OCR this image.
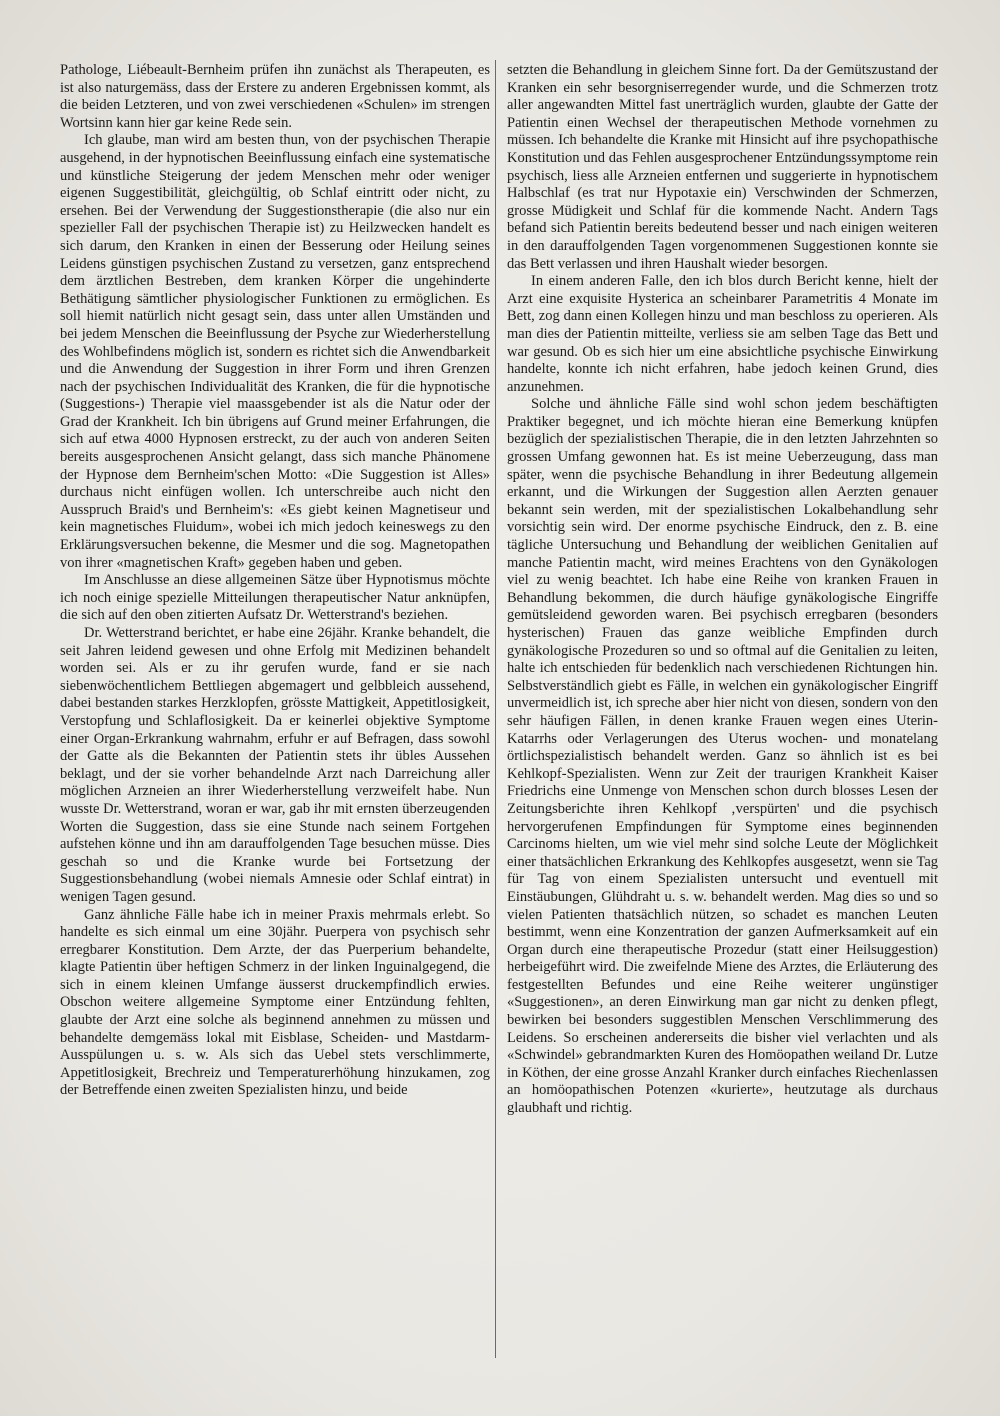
Pathologe, Liébeault-Bernheim prüfen ihn zunächst als Therapeuten, es ist also naturgemäss, dass der Erstere zu anderen Ergebnissen kommt, als die beiden Letzteren, und von zwei verschiedenen «Schulen» im strengen Wortsinn kann hier gar keine Rede sein.

Ich glaube, man wird am besten thun, von der psychischen Therapie ausgehend, in der hypnotischen Beeinflussung einfach eine systematische und künstliche Steigerung der jedem Menschen mehr oder weniger eigenen Suggestibilität, gleichgültig, ob Schlaf eintritt oder nicht, zu ersehen. Bei der Verwendung der Suggestionstherapie (die also nur ein spezieller Fall der psychischen Therapie ist) zu Heilzwecken handelt es sich darum, den Kranken in einen der Besserung oder Heilung seines Leidens günstigen psychischen Zustand zu versetzen, ganz entsprechend dem ärztlichen Bestreben, dem kranken Körper die ungehinderte Bethätigung sämtlicher physiologischer Funktionen zu ermöglichen. Es soll hiemit natürlich nicht gesagt sein, dass unter allen Umständen und bei jedem Menschen die Beeinflussung der Psyche zur Wiederherstellung des Wohlbefindens möglich ist, sondern es richtet sich die Anwendbarkeit und die Anwendung der Suggestion in ihrer Form und ihren Grenzen nach der psychischen Individualität des Kranken, die für die hypnotische (Suggestions-) Therapie viel maassgebender ist als die Natur oder der Grad der Krankheit. Ich bin übrigens auf Grund meiner Erfahrungen, die sich auf etwa 4000 Hypnosen erstreckt, zu der auch von anderen Seiten bereits ausgesprochenen Ansicht gelangt, dass sich manche Phänomene der Hypnose dem Bernheim'schen Motto: «Die Suggestion ist Alles» durchaus nicht einfügen wollen. Ich unterschreibe auch nicht den Ausspruch Braid's und Bernheim's: «Es giebt keinen Magnetiseur und kein magnetisches Fluidum», wobei ich mich jedoch keineswegs zu den Erklärungsversuchen bekenne, die Mesmer und die sog. Magnetopathen von ihrer «magnetischen Kraft» gegeben haben und geben.

Im Anschlusse an diese allgemeinen Sätze über Hypnotismus möchte ich noch einige spezielle Mitteilungen therapeutischer Natur anknüpfen, die sich auf den oben zitierten Aufsatz Dr. Wetterstrand's beziehen.

Dr. Wetterstrand berichtet, er habe eine 26jähr. Kranke behandelt, die seit Jahren leidend gewesen und ohne Erfolg mit Medizinen behandelt worden sei. Als er zu ihr gerufen wurde, fand er sie nach siebenwöchentlichem Bettliegen abgemagert und gelbbleich aussehend, dabei bestanden starkes Herzklopfen, grösste Mattigkeit, Appetitlosigkeit, Verstopfung und Schlaflosigkeit. Da er keinerlei objektive Symptome einer Organ-Erkrankung wahrnahm, erfuhr er auf Befragen, dass sowohl der Gatte als die Bekannten der Patientin stets ihr übles Aussehen beklagt, und der sie vorher behandelnde Arzt nach Darreichung aller möglichen Arzneien an ihrer Wiederherstellung verzweifelt habe. Nun wusste Dr. Wetterstrand, woran er war, gab ihr mit ernsten überzeugenden Worten die Suggestion, dass sie eine Stunde nach seinem Fortgehen aufstehen könne und ihn am darauffolgenden Tage besuchen müsse. Dies geschah so und die Kranke wurde bei Fortsetzung der Suggestionsbehandlung (wobei niemals Amnesie oder Schlaf eintrat) in wenigen Tagen gesund.

Ganz ähnliche Fälle habe ich in meiner Praxis mehrmals erlebt. So handelte es sich einmal um eine 30jähr. Puerpera von psychisch sehr erregbarer Konstitution. Dem Arzte, der das Puerperium behandelte, klagte Patientin über heftigen Schmerz in der linken Inguinalgegend, die sich in einem kleinen Umfange äusserst druckempfindlich erwies. Obschon weitere allgemeine Symptome einer Entzündung fehlten, glaubte der Arzt eine solche als beginnend annehmen zu müssen und behandelte demgemäss lokal mit Eisblase, Scheiden- und Mastdarm-Ausspülungen u. s. w. Als sich das Uebel stets verschlimmerte, Appetitlosigkeit, Brechreiz und Temperaturerhöhung hinzukamen, zog der Betreffende einen zweiten Spezialisten hinzu, und beide

setzten die Behandlung in gleichem Sinne fort. Da der Gemütszustand der Kranken ein sehr besorgniserregender wurde, und die Schmerzen trotz aller angewandten Mittel fast unerträglich wurden, glaubte der Gatte der Patientin einen Wechsel der therapeutischen Methode vornehmen zu müssen. Ich behandelte die Kranke mit Hinsicht auf ihre psychopathische Konstitution und das Fehlen ausgesprochener Entzündungssymptome rein psychisch, liess alle Arzneien entfernen und suggerierte in hypnotischem Halbschlaf (es trat nur Hypotaxie ein) Verschwinden der Schmerzen, grosse Müdigkeit und Schlaf für die kommende Nacht. Andern Tags befand sich Patientin bereits bedeutend besser und nach einigen weiteren in den darauffolgenden Tagen vorgenommenen Suggestionen konnte sie das Bett verlassen und ihren Haushalt wieder besorgen.

In einem anderen Falle, den ich blos durch Bericht kenne, hielt der Arzt eine exquisite Hysterica an scheinbarer Parametritis 4 Monate im Bett, zog dann einen Kollegen hinzu und man beschloss zu operieren. Als man dies der Patientin mitteilte, verliess sie am selben Tage das Bett und war gesund. Ob es sich hier um eine absichtliche psychische Einwirkung handelte, konnte ich nicht erfahren, habe jedoch keinen Grund, dies anzunehmen.

Solche und ähnliche Fälle sind wohl schon jedem beschäftigten Praktiker begegnet, und ich möchte hieran eine Bemerkung knüpfen bezüglich der spezialistischen Therapie, die in den letzten Jahrzehnten so grossen Umfang gewonnen hat. Es ist meine Ueberzeugung, dass man später, wenn die psychische Behandlung in ihrer Bedeutung allgemein erkannt, und die Wirkungen der Suggestion allen Aerzten genauer bekannt sein werden, mit der spezialistischen Lokalbehandlung sehr vorsichtig sein wird. Der enorme psychische Eindruck, den z. B. eine tägliche Untersuchung und Behandlung der weiblichen Genitalien auf manche Patientin macht, wird meines Erachtens von den Gynäkologen viel zu wenig beachtet. Ich habe eine Reihe von kranken Frauen in Behandlung bekommen, die durch häufige gynäkologische Eingriffe gemütsleidend geworden waren. Bei psychisch erregbaren (besonders hysterischen) Frauen das ganze weibliche Empfinden durch gynäkologische Prozeduren so und so oftmal auf die Genitalien zu leiten, halte ich entschieden für bedenklich nach verschiedenen Richtungen hin. Selbstverständlich giebt es Fälle, in welchen ein gynäkologischer Eingriff unvermeidlich ist, ich spreche aber hier nicht von diesen, sondern von den sehr häufigen Fällen, in denen kranke Frauen wegen eines Uterin-Katarrhs oder Verlagerungen des Uterus wochen- und monatelang örtlichspezialistisch behandelt werden. Ganz so ähnlich ist es bei Kehlkopf-Spezialisten. Wenn zur Zeit der traurigen Krankheit Kaiser Friedrichs eine Unmenge von Menschen schon durch blosses Lesen der Zeitungsberichte ihren Kehlkopf ‚verspürten' und die psychisch hervorgerufenen Empfindungen für Symptome eines beginnenden Carcinoms hielten, um wie viel mehr sind solche Leute der Möglichkeit einer thatsächlichen Erkrankung des Kehlkopfes ausgesetzt, wenn sie Tag für Tag von einem Spezialisten untersucht und eventuell mit Einstäubungen, Glühdraht u. s. w. behandelt werden. Mag dies so und so vielen Patienten thatsächlich nützen, so schadet es manchen Leuten bestimmt, wenn eine Konzentration der ganzen Aufmerksamkeit auf ein Organ durch eine therapeutische Prozedur (statt einer Heilsuggestion) herbeigeführt wird. Die zweifelnde Miene des Arztes, die Erläuterung des festgestellten Befundes und eine Reihe weiterer ungünstiger «Suggestionen», an deren Einwirkung man gar nicht zu denken pflegt, bewirken bei besonders suggestiblen Menschen Verschlimmerung des Leidens. So erscheinen andererseits die bisher viel verlachten und als «Schwindel» gebrandmarkten Kuren des Homöopathen weiland Dr. Lutze in Köthen, der eine grosse Anzahl Kranker durch einfaches Riechenlassen an homöopathischen Potenzen «kurierte», heutzutage als durchaus glaubhaft und richtig.
